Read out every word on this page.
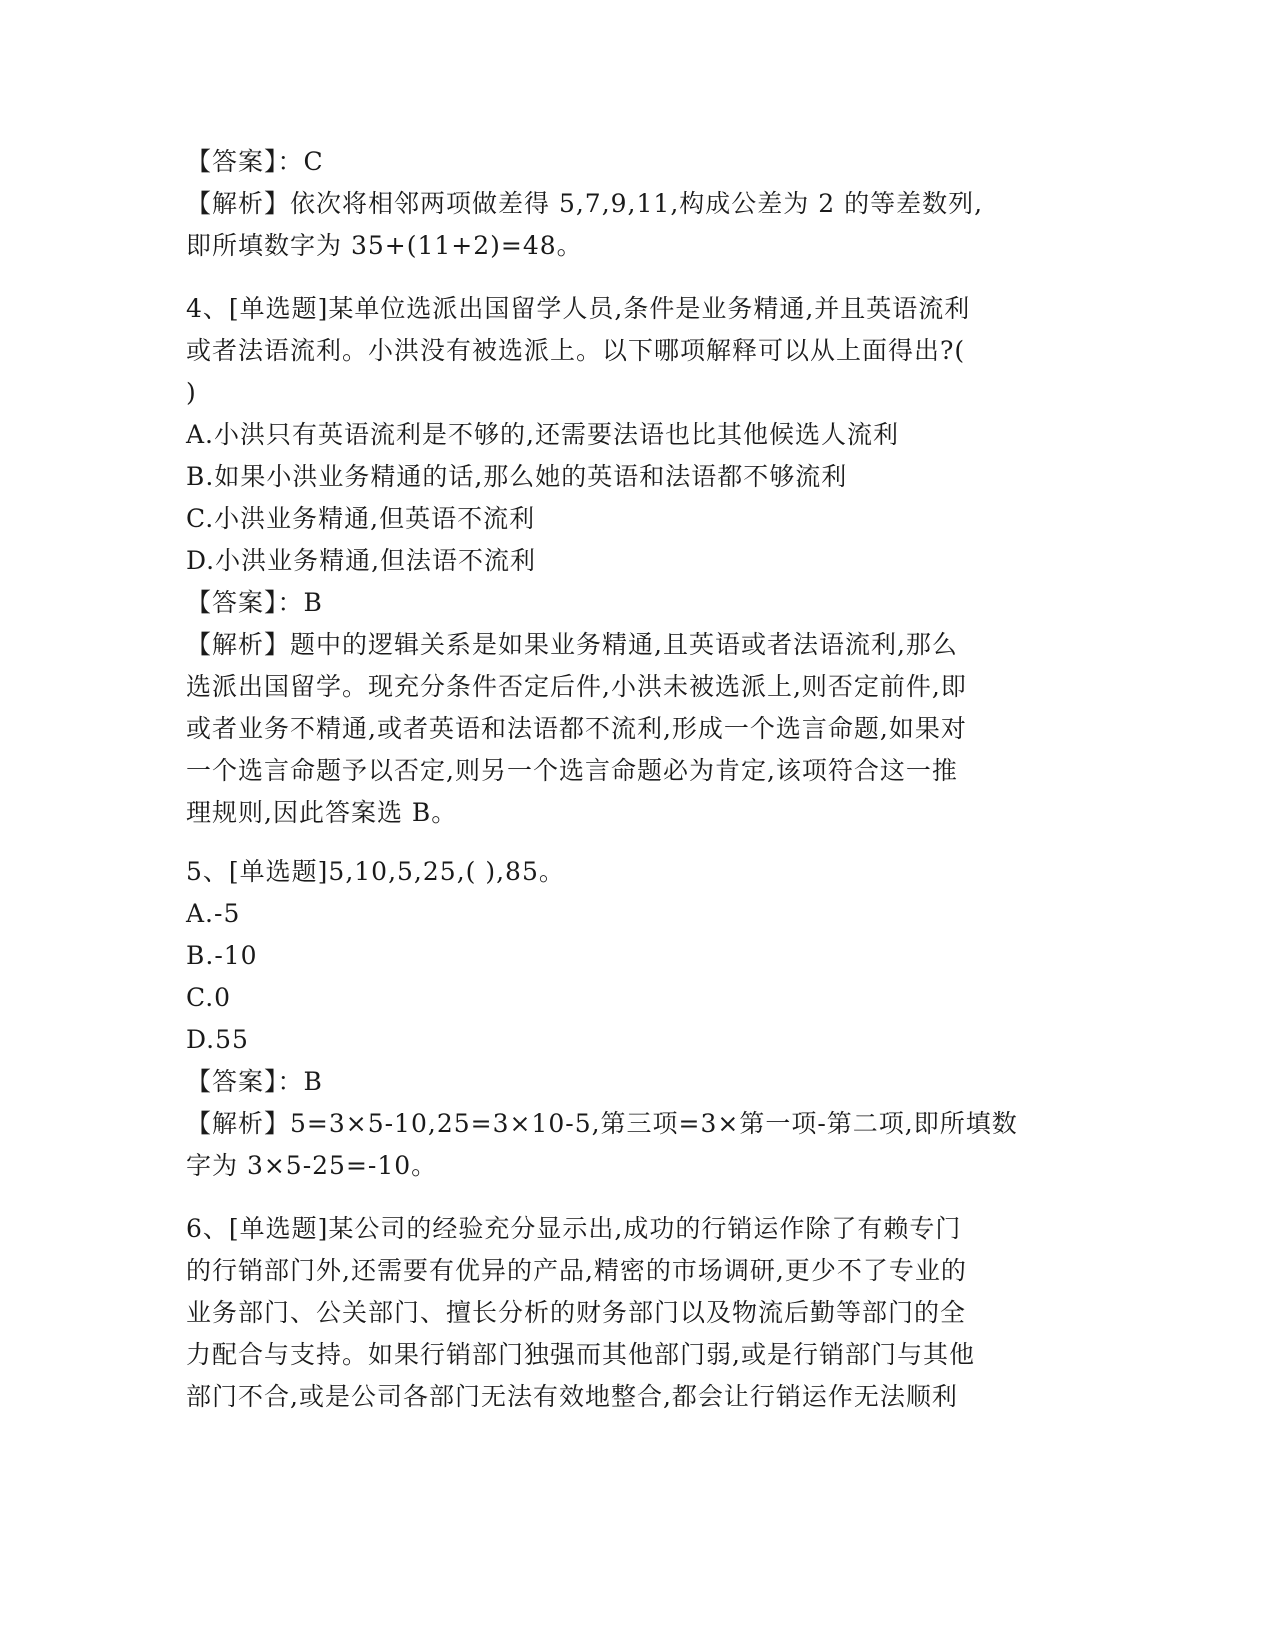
【答案】：C
【解析】依次将相邻两项做差得 5,7,9,11,构成公差为 2 的等差数列,
即所填数字为 35+(11+2)=48。
4、[单选题]某单位选派出国留学人员,条件是业务精通,并且英语流利
或者法语流利。小洪没有被选派上。以下哪项解释可以从上面得出?(
)
A.小洪只有英语流利是不够的,还需要法语也比其他候选人流利
B.如果小洪业务精通的话,那么她的英语和法语都不够流利
C.小洪业务精通,但英语不流利
D.小洪业务精通,但法语不流利
【答案】：B
【解析】题中的逻辑关系是如果业务精通,且英语或者法语流利,那么
选派出国留学。现充分条件否定后件,小洪未被选派上,则否定前件,即
或者业务不精通,或者英语和法语都不流利,形成一个选言命题,如果对
一个选言命题予以否定,则另一个选言命题必为肯定,该项符合这一推
理规则,因此答案选 B。
5、[单选题]5,10,5,25,( ),85。
A.-5
B.-10
C.0
D.55
【答案】：B
【解析】5=3×5-10,25=3×10-5,第三项=3×第一项-第二项,即所填数
字为 3×5-25=-10。
6、[单选题]某公司的经验充分显示出,成功的行销运作除了有赖专门
的行销部门外,还需要有优异的产品,精密的市场调研,更少不了专业的
业务部门、公关部门、擅长分析的财务部门以及物流后勤等部门的全
力配合与支持。如果行销部门独强而其他部门弱,或是行销部门与其他
部门不合,或是公司各部门无法有效地整合,都会让行销运作无法顺利
